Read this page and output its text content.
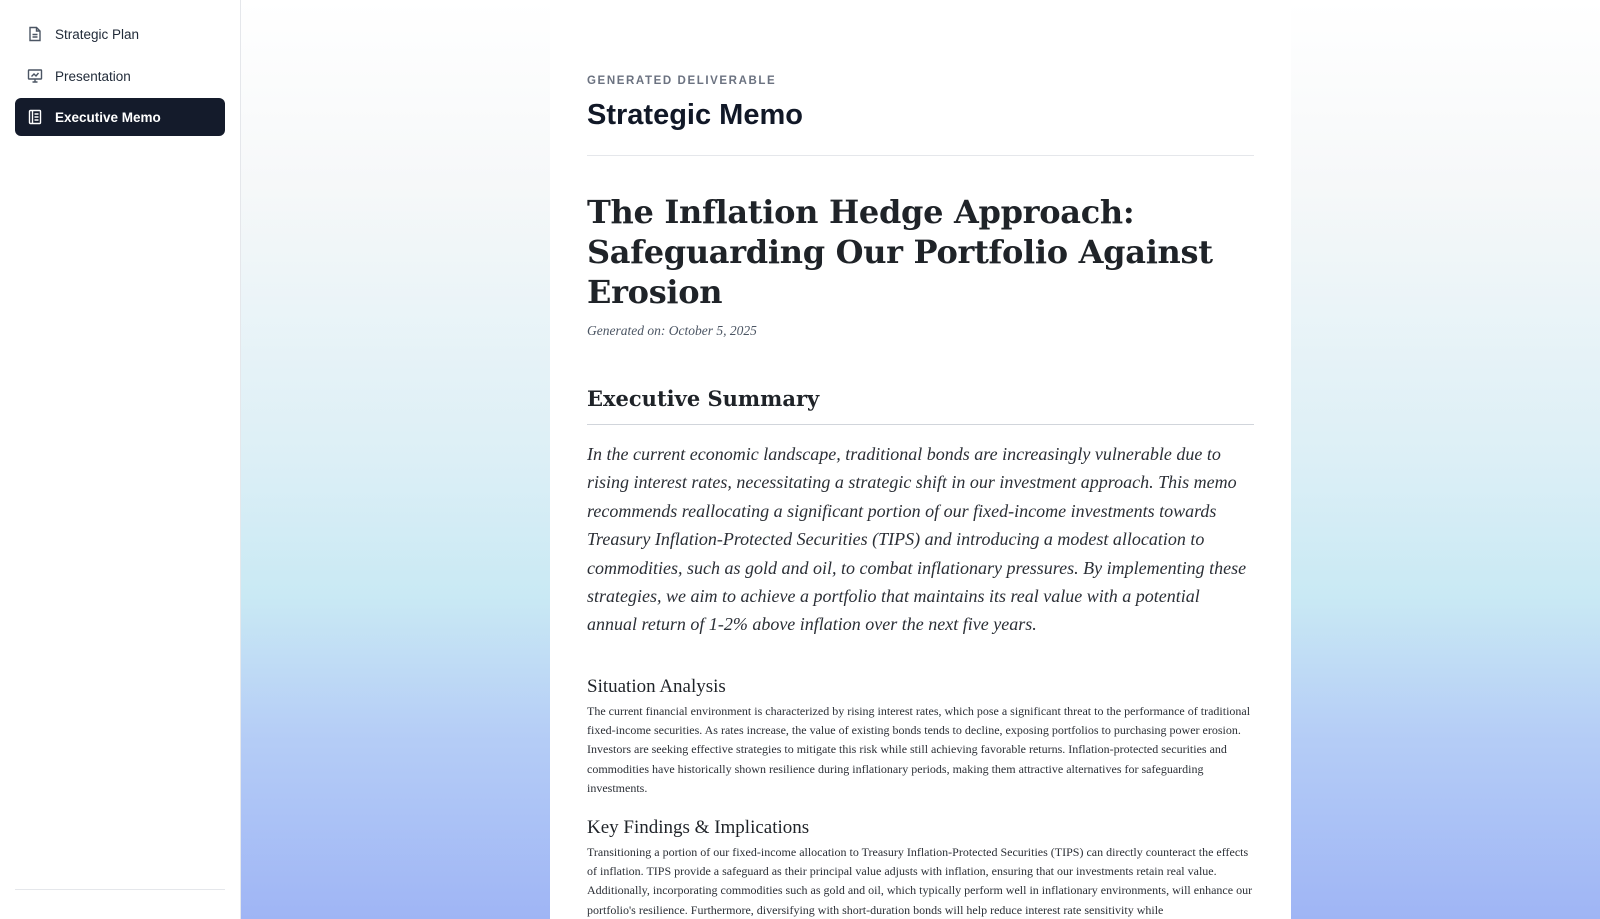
Strategic Plan
Presentation
Executive Memo
GENERATED DELIVERABLE
Strategic Memo
The Inflation Hedge Approach: Safeguarding Our Portfolio Against Erosion
Generated on: October 5, 2025
Executive Summary
In the current economic landscape, traditional bonds are increasingly vulnerable due to rising interest rates, necessitating a strategic shift in our investment approach. This memo recommends reallocating a significant portion of our fixed-income investments towards Treasury Inflation-Protected Securities (TIPS) and introducing a modest allocation to commodities, such as gold and oil, to combat inflationary pressures. By implementing these strategies, we aim to achieve a portfolio that maintains its real value with a potential annual return of 1-2% above inflation over the next five years.
Situation Analysis
The current financial environment is characterized by rising interest rates, which pose a significant threat to the performance of traditional fixed-income securities. As rates increase, the value of existing bonds tends to decline, exposing portfolios to purchasing power erosion. Investors are seeking effective strategies to mitigate this risk while still achieving favorable returns. Inflation-protected securities and commodities have historically shown resilience during inflationary periods, making them attractive alternatives for safeguarding investments.
Key Findings & Implications
Transitioning a portion of our fixed-income allocation to Treasury Inflation-Protected Securities (TIPS) can directly counteract the effects of inflation. TIPS provide a safeguard as their principal value adjusts with inflation, ensuring that our investments retain real value. Additionally, incorporating commodities such as gold and oil, which typically perform well in inflationary environments, will enhance our portfolio's resilience. Furthermore, diversifying with short-duration bonds will help reduce interest rate sensitivity while
